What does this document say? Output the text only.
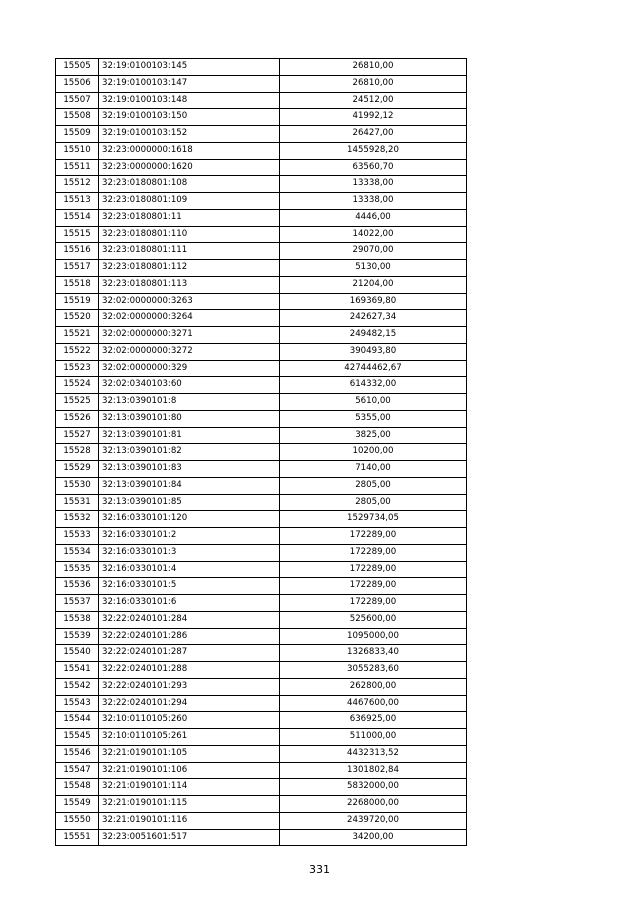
15505	32:19:0100103:145	26810,00
15506	32:19:0100103:147	26810,00
15507	32:19:0100103:148	24512,00
15508	32:19:0100103:150	41992,12
15509	32:19:0100103:152	26427,00
15510	32:23:0000000:1618	1455928,20
15511	32:23:0000000:1620	63560,70
15512	32:23:0180801:108	13338,00
15513	32:23:0180801:109	13338,00
15514	32:23:0180801:11	4446,00
15515	32:23:0180801:110	14022,00
15516	32:23:0180801:111	29070,00
15517	32:23:0180801:112	5130,00
15518	32:23:0180801:113	21204,00
15519	32:02:0000000:3263	169369,80
15520	32:02:0000000:3264	242627,34
15521	32:02:0000000:3271	249482,15
15522	32:02:0000000:3272	390493,80
15523	32:02:0000000:329	42744462,67
15524	32:02:0340103:60	614332,00
15525	32:13:0390101:8	5610,00
15526	32:13:0390101:80	5355,00
15527	32:13:0390101:81	3825,00
15528	32:13:0390101:82	10200,00
15529	32:13:0390101:83	7140,00
15530	32:13:0390101:84	2805,00
15531	32:13:0390101:85	2805,00
15532	32:16:0330101:120	1529734,05
15533	32:16:0330101:2	172289,00
15534	32:16:0330101:3	172289,00
15535	32:16:0330101:4	172289,00
15536	32:16:0330101:5	172289,00
15537	32:16:0330101:6	172289,00
15538	32:22:0240101:284	525600,00
15539	32:22:0240101:286	1095000,00
15540	32:22:0240101:287	1326833,40
15541	32:22:0240101:288	3055283,60
15542	32:22:0240101:293	262800,00
15543	32:22:0240101:294	4467600,00
15544	32:10:0110105:260	636925,00
15545	32:10:0110105:261	511000,00
15546	32:21:0190101:105	4432313,52
15547	32:21:0190101:106	1301802,84
15548	32:21:0190101:114	5832000,00
15549	32:21:0190101:115	2268000,00
15550	32:21:0190101:116	2439720,00
15551	32:23:0051601:517	34200,00
331
